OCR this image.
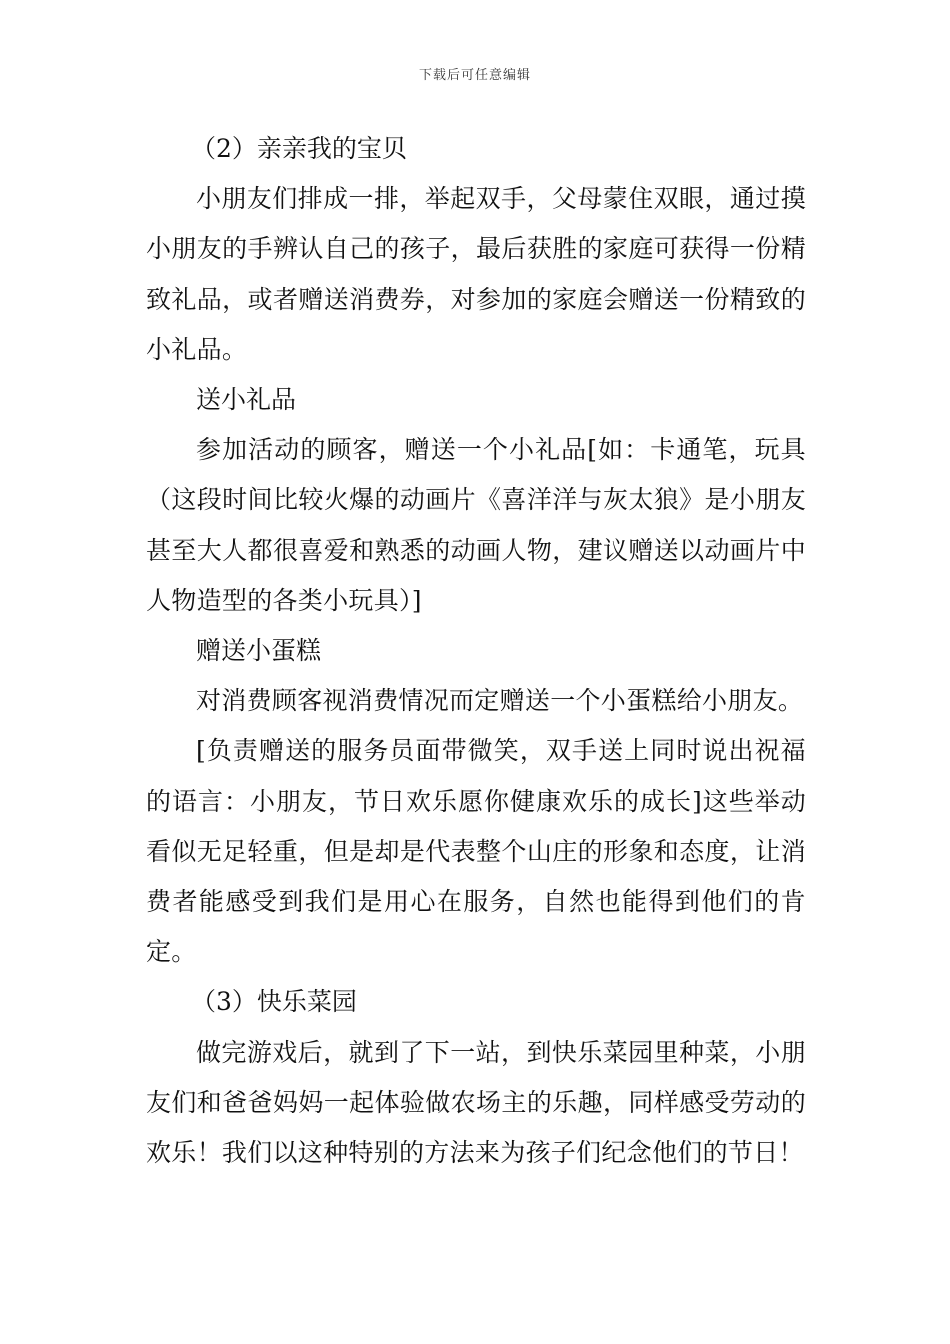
下载后可任意编辑

（2）亲亲我的宝贝

小朋友们排成一排，举起双手，父母蒙住双眼，通过摸小朋友的手辨认自己的孩子，最后获胜的家庭可获得一份精致礼品，或者赠送消费券，对参加的家庭会赠送一份精致的小礼品。

送小礼品

参加活动的顾客，赠送一个小礼品[如：卡通笔，玩具（这段时间比较火爆的动画片《喜洋洋与灰太狼》是小朋友甚至大人都很喜爱和熟悉的动画人物，建议赠送以动画片中人物造型的各类小玩具）]

赠送小蛋糕

对消费顾客视消费情况而定赠送一个小蛋糕给小朋友。

[负责赠送的服务员面带微笑，双手送上同时说出祝福的语言：小朋友，节日欢乐愿你健康欢乐的成长]这些举动看似无足轻重，但是却是代表整个山庄的形象和态度，让消费者能感受到我们是用心在服务，自然也能得到他们的肯定。

（3）快乐菜园

做完游戏后，就到了下一站，到快乐菜园里种菜，小朋友们和爸爸妈妈一起体验做农场主的乐趣，同样感受劳动的欢乐！我们以这种特别的方法来为孩子们纪念他们的节日！
